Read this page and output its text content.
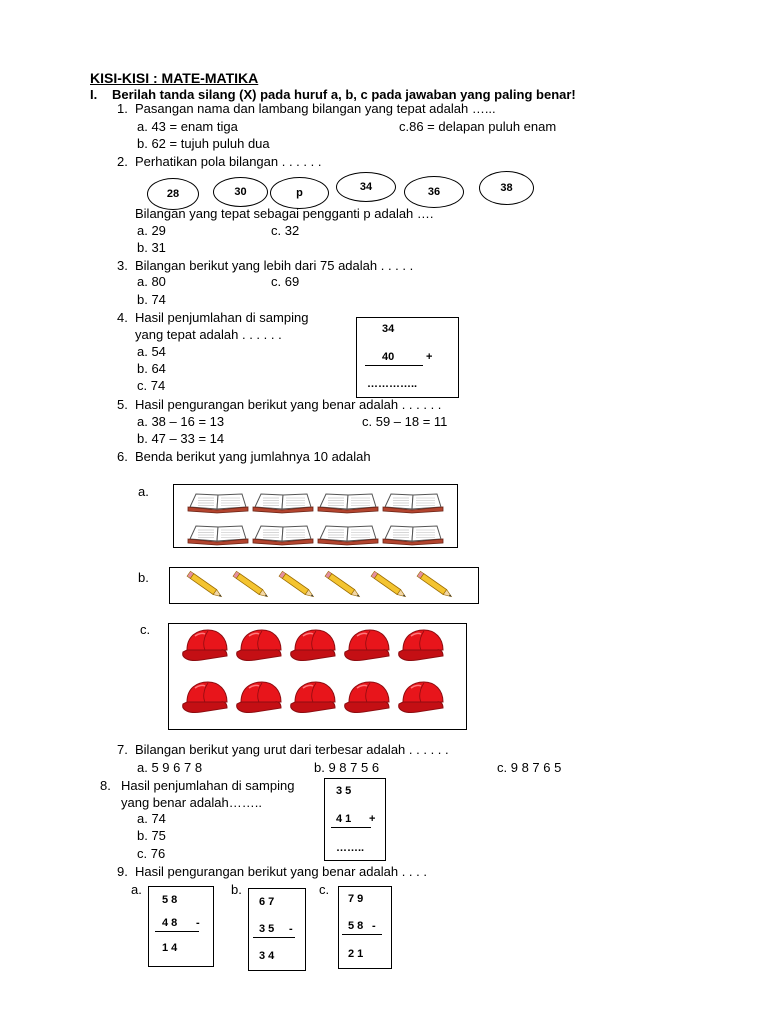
KISI-KISI : MATE-MATIKA
I. Berilah tanda silang (X) pada huruf a, b, c pada jawaban yang paling benar!
1. Pasangan nama dan lambang bilangan yang tepat adalah …...
a. 43 = enam tiga	c.86 = delapan puluh enam
b. 62 = tujuh puluh dua
2. Perhatikan pola bilangan . . . . . .
28	30	p	34	36	38
Bilangan yang tepat sebagai pengganti p adalah ….
a. 29	c. 32
b. 31
3. Bilangan berikut yang lebih dari 75 adalah . . . . .
a. 80	c. 69
b. 74
4. Hasil penjumlahan di samping
yang tepat adalah . . . . . .
a. 54
b. 64
c. 74
34
40	+
…………..
5. Hasil pengurangan berikut yang benar adalah . . . . . .
a. 38 – 16 = 13	c. 59 – 18 = 11
b. 47 – 33 = 14
6. Benda berikut yang jumlahnya 10 adalah
a.
b.
c.
7. Bilangan berikut yang urut dari terbesar adalah . . . . . .
a. 5 9 6 7 8	b. 9 8 7 5 6	c. 9 8 7 6 5
8. Hasil penjumlahan di samping
yang benar adalah……..
a. 74
b. 75
c. 76
3 5
4 1 +
……..
9. Hasil pengurangan berikut yang benar adalah . . . .
a.	b.	c.
5 8
4 8 -
1 4
6 7
3 5 -
3 4
7 9
5 8 -
2 1
